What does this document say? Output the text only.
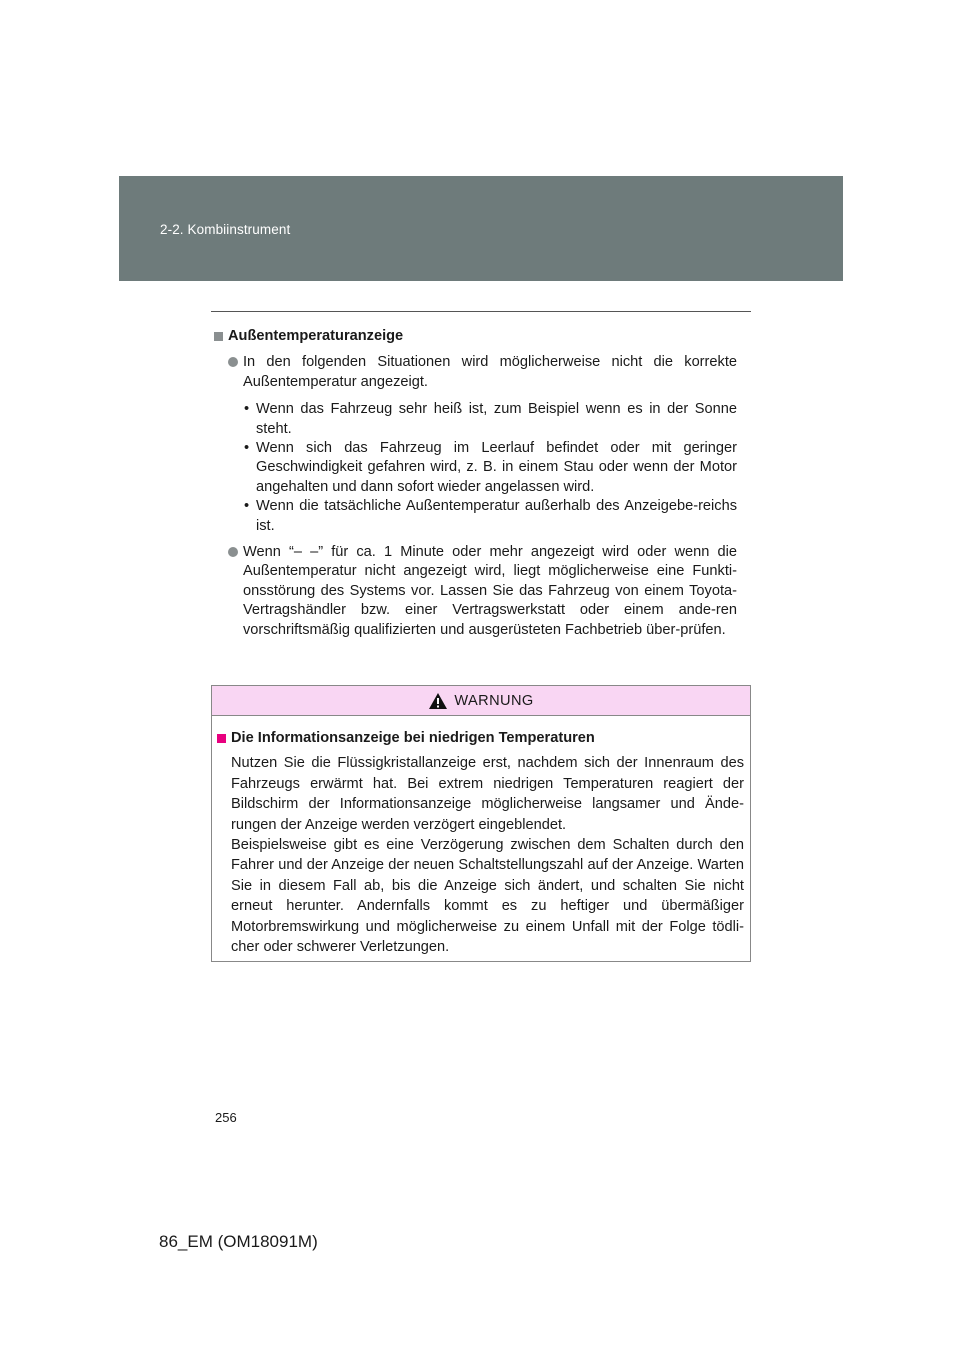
2-2. Kombiinstrument
Außentemperaturanzeige
In den folgenden Situationen wird möglicherweise nicht die korrekte Außentemperatur angezeigt.
• Wenn das Fahrzeug sehr heiß ist, zum Beispiel wenn es in der Sonne steht.
• Wenn sich das Fahrzeug im Leerlauf befindet oder mit geringer Geschwindigkeit gefahren wird, z. B. in einem Stau oder wenn der Motor angehalten und dann sofort wieder angelassen wird.
• Wenn die tatsächliche Außentemperatur außerhalb des Anzeigebe-reichs ist.
Wenn “– –” für ca. 1 Minute oder mehr angezeigt wird oder wenn die Außentemperatur nicht angezeigt wird, liegt möglicherweise eine Funkti-onsstörung des Systems vor. Lassen Sie das Fahrzeug von einem Toyota-Vertragshändler bzw. einer Vertragswerkstatt oder einem ande-ren vorschriftsmäßig qualifizierten und ausgerüsteten Fachbetrieb über-prüfen.
WARNUNG
Die Informationsanzeige bei niedrigen Temperaturen

Nutzen Sie die Flüssigkristallanzeige erst, nachdem sich der Innenraum des Fahrzeugs erwärmt hat. Bei extrem niedrigen Temperaturen reagiert der Bildschirm der Informationsanzeige möglicherweise langsamer und Ände-rungen der Anzeige werden verzögert eingeblendet.

Beispielsweise gibt es eine Verzögerung zwischen dem Schalten durch den Fahrer und der Anzeige der neuen Schaltstellungszahl auf der Anzeige. Warten Sie in diesem Fall ab, bis die Anzeige sich ändert, und schalten Sie nicht erneut herunter. Andernfalls kommt es zu heftiger und übermäßiger Motorbremswirkung und möglicherweise zu einem Unfall mit der Folge tödli-cher oder schwerer Verletzungen.

256
86_EM (OM18091M)
